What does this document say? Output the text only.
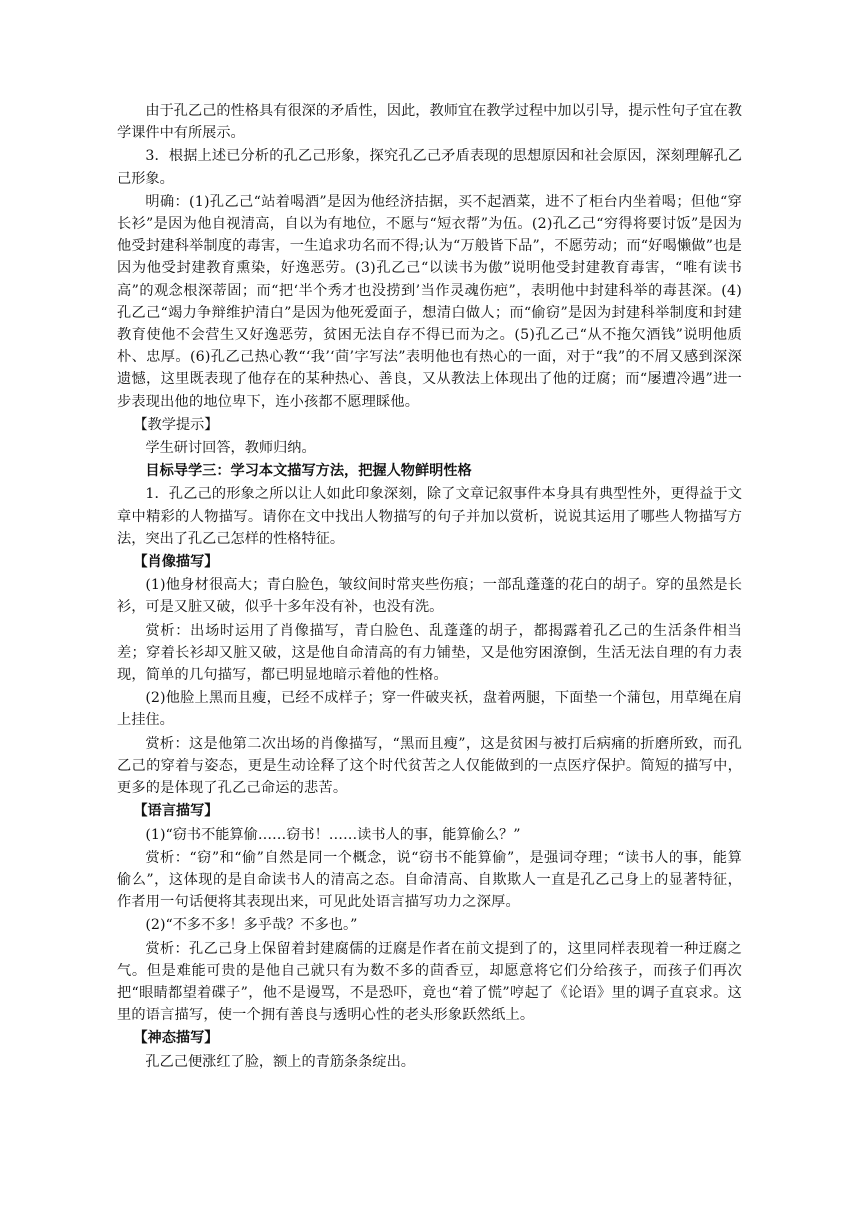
由于孔乙己的性格具有很深的矛盾性，因此，教师宜在教学过程中加以引导，提示性句子宜在教学课件中有所展示。

3．根据上述已分析的孔乙己形象，探究孔乙己矛盾表现的思想原因和社会原因，深刻理解孔乙己形象。

明确：(1)孔乙己“站着喝酒”是因为他经济拮据，买不起酒菜，进不了柜台内坐着喝；但他“穿长衫”是因为他自视清高，自以为有地位，不愿与“短衣帮”为伍。(2)孔乙己“穷得将要讨饭”是因为他受封建科举制度的毒害，一生追求功名而不得;认为“万般皆下品”，不愿劳动；而“好喝懒做”也是因为他受封建教育熏染，好逸恶劳。(3)孔乙己“以读书为傲”说明他受封建教育毒害，“唯有读书高”的观念根深蒂固；而“把‘半个秀才也没捞到’当作灵魂伤疤”，表明他中封建科举的毒甚深。(4)孔乙己“竭力争辩维护清白”是因为他死爱面子，想清白做人；而“偷窃”是因为封建科举制度和封建教育使他不会营生又好逸恶劳，贫困无法自存不得已而为之。(5)孔乙己“从不拖欠酒钱”说明他质朴、忠厚。(6)孔乙己热心教“‘我’‘茴’字写法”表明他也有热心的一面，对于“我”的不屑又感到深深遗憾，这里既表现了他存在的某种热心、善良，又从教法上体现出了他的迂腐；而“屡遭冷遇”进一步表现出他的地位卑下，连小孩都不愿理睬他。

【教学提示】

学生研讨回答，教师归纳。

目标导学三：学习本文描写方法，把握人物鲜明性格

1．孔乙己的形象之所以让人如此印象深刻，除了文章记叙事件本身具有典型性外，更得益于文章中精彩的人物描写。请你在文中找出人物描写的句子并加以赏析，说说其运用了哪些人物描写方法，突出了孔乙己怎样的性格特征。

【肖像描写】

(1)他身材很高大；青白脸色，皱纹间时常夹些伤痕；一部乱蓬蓬的花白的胡子。穿的虽然是长衫，可是又脏又破，似乎十多年没有补，也没有洗。

赏析：出场时运用了肖像描写，青白脸色、乱蓬蓬的胡子，都揭露着孔乙己的生活条件相当差；穿着长衫却又脏又破，这是他自命清高的有力铺垫，又是他穷困潦倒，生活无法自理的有力表现，简单的几句描写，都已明显地暗示着他的性格。

(2)他脸上黑而且瘦，已经不成样子；穿一件破夹袄，盘着两腿，下面垫一个蒲包，用草绳在肩上挂住。

赏析：这是他第二次出场的肖像描写，“黑而且瘦”，这是贫困与被打后病痛的折磨所致，而孔乙己的穿着与姿态，更是生动诠释了这个时代贫苦之人仅能做到的一点医疗保护。简短的描写中，更多的是体现了孔乙己命运的悲苦。

【语言描写】

(1)“窃书不能算偷……窃书！……读书人的事，能算偷么？”

赏析：“窃”和“偷”自然是同一个概念，说“窃书不能算偷”，是强词夺理；“读书人的事，能算偷么”，这体现的是自命读书人的清高之态。自命清高、自欺欺人一直是孔乙己身上的显著特征，作者用一句话便将其表现出来，可见此处语言描写功力之深厚。

(2)“不多不多！多乎哉？不多也。”

赏析：孔乙己身上保留着封建腐儒的迂腐是作者在前文提到了的，这里同样表现着一种迂腐之气。但是难能可贵的是他自己就只有为数不多的茴香豆，却愿意将它们分给孩子，而孩子们再次把“眼睛都望着碟子”，他不是谩骂，不是恐吓，竟也“着了慌”哼起了《论语》里的调子直哀求。这里的语言描写，使一个拥有善良与透明心性的老头形象跃然纸上。

【神态描写】

孔乙己便涨红了脸，额上的青筋条条绽出。
